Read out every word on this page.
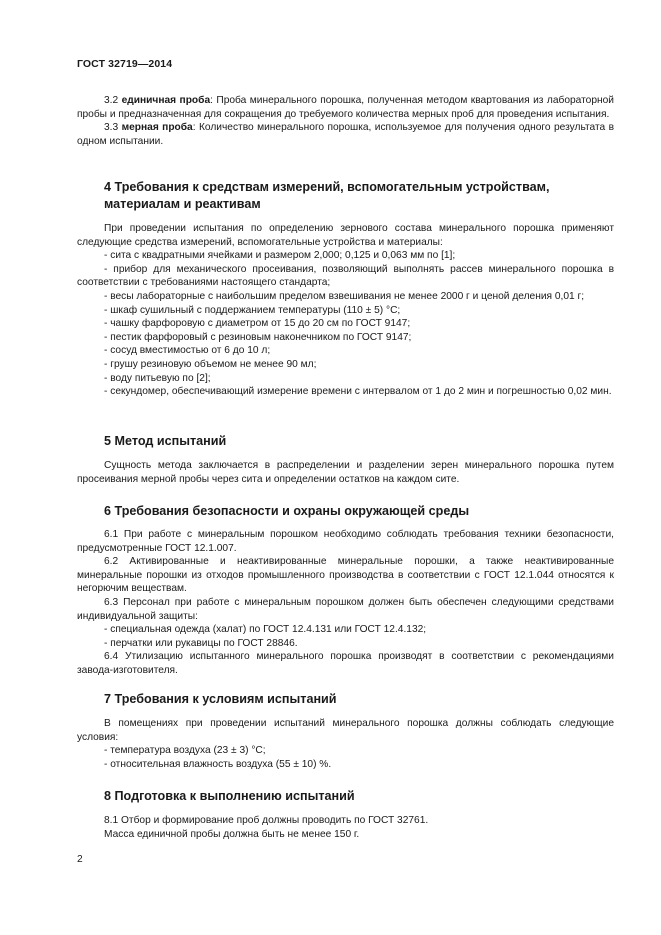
ГОСТ 32719—2014

3.2 единичная проба: Проба минерального порошка, полученная методом квартования из лабораторной пробы и предназначенная для сокращения до требуемого количества мерных проб для проведения испытания.

3.3 мерная проба: Количество минерального порошка, используемое для получения одного результата в одном испытании.

4 Требования к средствам измерений, вспомогательным устройствам,
материалам и реактивам

При проведении испытания по определению зернового состава минерального порошка применяют следующие средства измерений, вспомогательные устройства и материалы:

- сита с квадратными ячейками и размером 2,000; 0,125 и 0,063 мм по [1];

- прибор для механического просеивания, позволяющий выполнять рассев минерального порошка в соответствии с требованиями настоящего стандарта;

- весы лабораторные с наибольшим пределом взвешивания не менее 2000 г и ценой деления 0,01 г;

- шкаф сушильный с поддержанием температуры (110 ± 5) °С;

- чашку фарфоровую с диаметром от 15 до 20 см по ГОСТ 9147;

- пестик фарфоровый с резиновым наконечником по ГОСТ 9147;

- сосуд вместимостью от 6 до 10 л;

- грушу резиновую объемом не менее 90 мл;

- воду питьевую по [2];

- секундомер, обеспечивающий измерение времени с интервалом от 1 до 2 мин и погрешностью 0,02 мин.

5 Метод испытаний

Сущность метода заключается в распределении и разделении зерен минерального порошка путем просеивания мерной пробы через сита и определении остатков на каждом сите.

6 Требования безопасности и охраны окружающей среды

6.1 При работе с минеральным порошком необходимо соблюдать требования техники безопасности, предусмотренные ГОСТ 12.1.007.

6.2 Активированные и неактивированные минеральные порошки, а также неактивированные минеральные порошки из отходов промышленного производства в соответствии с ГОСТ 12.1.044 относятся к негорючим веществам.

6.3 Персонал при работе с минеральным порошком должен быть обеспечен следующими средствами индивидуальной защиты:

- специальная одежда (халат) по ГОСТ 12.4.131 или ГОСТ 12.4.132;

- перчатки или рукавицы по ГОСТ 28846.

6.4 Утилизацию испытанного минерального порошка производят в соответствии с рекомендациями завода-изготовителя.

7 Требования к условиям испытаний

В помещениях при проведении испытаний минерального порошка должны соблюдать следующие условия:

- температура воздуха (23 ± 3) °С;

- относительная влажность воздуха (55 ± 10) %.

8 Подготовка к выполнению испытаний

8.1 Отбор и формирование проб должны проводить по ГОСТ 32761.

Масса единичной пробы должна быть не менее 150 г.

2
